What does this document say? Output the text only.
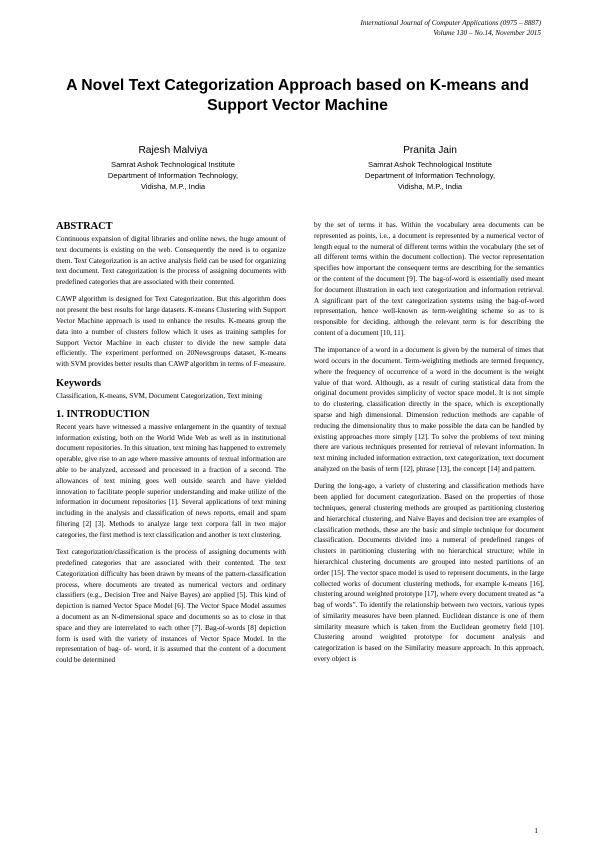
International Journal of Computer Applications (0975 – 8887)
Volume 130 – No.14, November 2015
A Novel Text Categorization Approach based on K-means and Support Vector Machine
Rajesh Malviya
Samrat Ashok Technological Institute
Department of Information Technology,
Vidisha, M.P., India
Pranita Jain
Samrat Ashok Technological Institute
Department of Information Technology,
Vidisha, M.P., India
ABSTRACT

Continuous expansion of digital libraries and online news, the huge amount of text documents is existing on the web. Consequently the need is to organize them. Text Categorization is an active analysis field can be used for organizing text document. Text categorization is the process of assigning documents with predefined categories that are associated with their contented.

CAWP algorithm is designed for Text Categorization. But this algorithm does not present the best results for large datasets. K-means Clustering with Support Vector Machine approach is used to enhance the results. K-means group the data into a number of clusters follow which it uses as training samples for Support Vector Machine in each cluster to divide the new sample data efficiently. The experiment performed on 20Newsgroups dataset, K-means with SVM provides better results than CAWP algorithm in terms of F-measure.

Keywords

Classification, K-means, SVM, Document Categorization, Text mining

1. INTRODUCTION

Recent years have witnessed a massive enlargement in the quantity of textual information existing, both on the World Wide Web as well as in institutional document repositories. In this situation, text mining has happened to extremely operable, give rise to an age where massive amounts of textual information are able to be analyzed, accessed and processed in a fraction of a second. The allowances of text mining goes well outside search and have yielded innovation to facilitate people superior understanding and make utilize of the information in document repositories [1]. Several applications of text mining including in the analysis and classification of news reports, email and spam filtering [2] [3]. Methods to analyze large text corpora fall in two major categories, the first method is text classification and another is text clustering.

Text categorization/classification is the process of assigning documents with predefined categories that are associated with their contented. The text Categorization difficulty has been drawn by means of the pattern-classification process, where documents are treated as numerical vectors and ordinary classifiers (e.g., Decision Tree and Naive Bayes) are applied [5]. This kind of depiction is named Vector Space Model [6]. The Vector Space Model assumes a document as an N-dimensional space and documents so as to close in that space and they are interrelated to each other [7]. Bag-of-words [8] depiction form is used with the variety of instances of Vector Space Model. In the representation of bag- of- word, it is assumed that the content of a document could be determined

by the set of terms it has. Within the vocabulary area documents can be represented as points, i.e., a document is represented by a numerical vector of length equal to the numeral of different terms within the vocabulary (the set of all different terms within the document collection). The vector representation specifies how important the consequent terms are describing for the semantics or the content of the document [9]. The bag-of-word is essentially used meant for document illustration in each text categorization and information retrieval. A significant part of the text categorization systems using the bag-of-word representation, hence well-known as term-weighting scheme so as to is responsible for deciding, although the relevant term is for describing the content of a document [10, 11].

The importance of a word in a document is given by the numeral of times that word occurs in the document. Term-weighting methods are termed frequency, where the frequency of occurrence of a word in the document is the weight value of that word. Although, as a result of curing statistical data from the original document provides simplicity of vector space model. It is not simple to do clustering, classification directly in the space, which is exceptionally sparse and high dimensional. Dimension reduction methods are capable of reducing the dimensionality thus to make possible the data can be handled by existing approaches more simply [12]. To solve the problems of text mining there are various techniques presented for retrieval of relevant information. In text mining included information extraction, text categorization, text document analyzed on the basis of term [12], phrase [13], the concept [14] and pattern.

During the long-ago, a variety of clustering and classification methods have been applied for document categorization. Based on the properties of those techniques, general clustering methods are grouped as partitioning clustering and hierarchical clustering, and Naïve Bayes and decision tree are examples of classification methods, these are the basic and simple technique for document classification. Documents divided into a numeral of predefined ranges of clusters in partitioning clustering with no hierarchical structure; while in hierarchical clustering documents are grouped into nested partitions of an order [15]. The vector space model is used to represent documents, in the large collected works of document clustering methods, for example k-means [16], clustering around weighted prototype [17], where every document treated as “a bag of words”. To identify the relationship between two vectors, various types of similarity measures have been planned. Euclidean distance is one of them similarity measure which is taken from the Euclidean geometry field [10]. Clustering around weighted prototype for document analysis and categorization is based on the Similarity measure approach. In this approach, every object is

1
